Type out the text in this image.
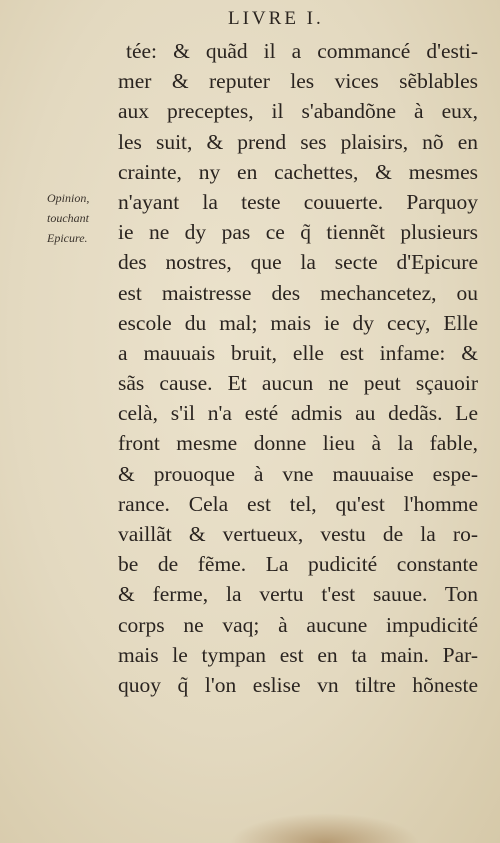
LIVRE I.
Opinion,
touchant
Epicure.
tée: & quãd il a commancé d'esti-
mer & reputer les vices sẽblables
aux preceptes, il s'abandõne à eux,
les suit, & prend ses plaisirs, nõ en
crainte, ny en cachettes, & mesmes
n'ayant la teste couuerte. Parquoy
ie ne dy pas ce q̃ tiennẽt plusieurs
des nostres, que la secte d'Epicure
est maistresse des mechancetez, ou
escole du mal; mais ie dy cecy, Elle
a mauuais bruit, elle est infame: &
sãs cause. Et aucun ne peut sçauoir
celà, s'il n'a esté admis au dedãs. Le
front mesme donne lieu à la fable,
& prouoque à vne mauuaise espe-
rance. Cela est tel, qu'est l'homme
vaillãt & vertueux, vestu de la ro-
be de fẽme. La pudicité constante
& ferme, la vertu t'est sauue. Ton
corps ne vaq; à aucune impudicité
mais le tympan est en ta main. Par-
quoy q̃ l'on eslise vn tiltre hõneste
